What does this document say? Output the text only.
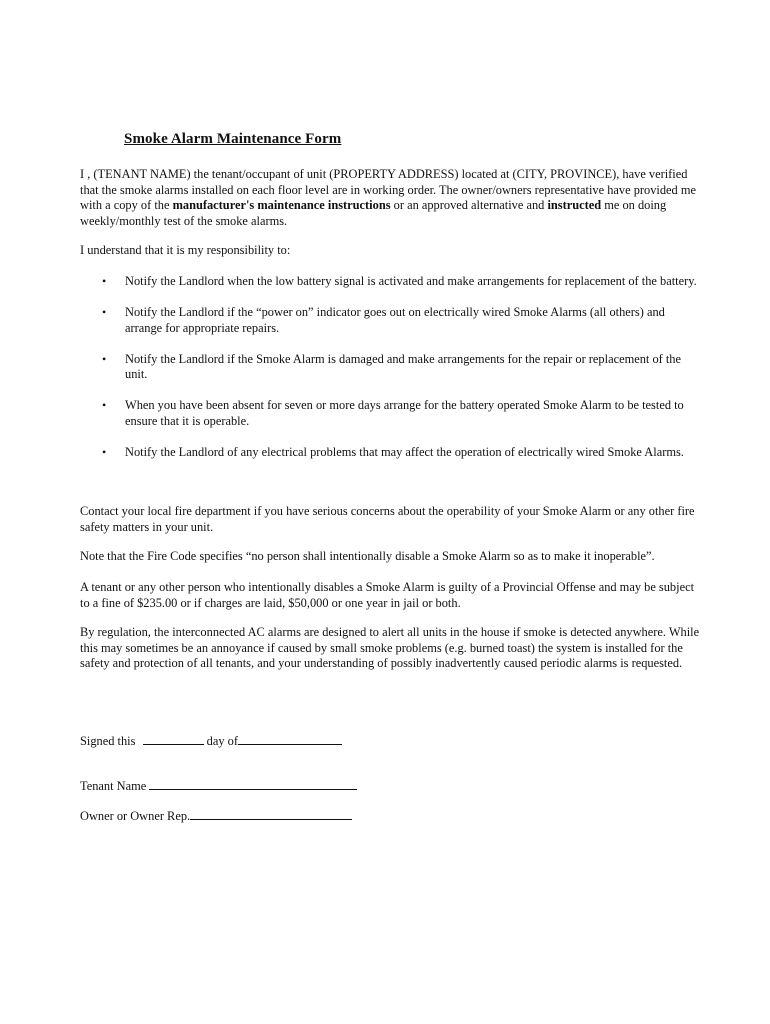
Smoke Alarm Maintenance Form

I , (TENANT NAME) the tenant/occupant of unit (PROPERTY ADDRESS) located at (CITY, PROVINCE), have verified that the smoke alarms installed on each floor level are in working order. The owner/owners representative have provided me with a copy of the manufacturer's maintenance instructions or an approved alternative and instructed me on doing weekly/monthly test of the smoke alarms.

I understand that it is my responsibility to:

• Notify the Landlord when the low battery signal is activated and make arrangements for replacement of the battery.
• Notify the Landlord if the “power on” indicator goes out on electrically wired Smoke Alarms (all others) and arrange for appropriate repairs.
• Notify the Landlord if the Smoke Alarm is damaged and make arrangements for the repair or replacement of the unit.
• When you have been absent for seven or more days arrange for the battery operated Smoke Alarm to be tested to ensure that it is operable.
• Notify the Landlord of any electrical problems that may affect the operation of electrically wired Smoke Alarms.

Contact your local fire department if you have serious concerns about the operability of your Smoke Alarm or any other fire safety matters in your unit.

Note that the Fire Code specifies “no person shall intentionally disable a Smoke Alarm so as to make it inoperable”.

A tenant or any other person who intentionally disables a Smoke Alarm is guilty of a Provincial Offense and may be subject to a fine of $235.00 or if charges are laid, $50,000 or one year in jail or both.

By regulation, the interconnected AC alarms are designed to alert all units in the house if smoke is detected anywhere. While this may sometimes be an annoyance if caused by small smoke problems (e.g. burned toast) the system is installed for the safety and protection of all tenants, and your understanding of possibly inadvertently caused periodic alarms is requested.

Signed this	day of
Tenant Name
Owner or Owner Rep.
